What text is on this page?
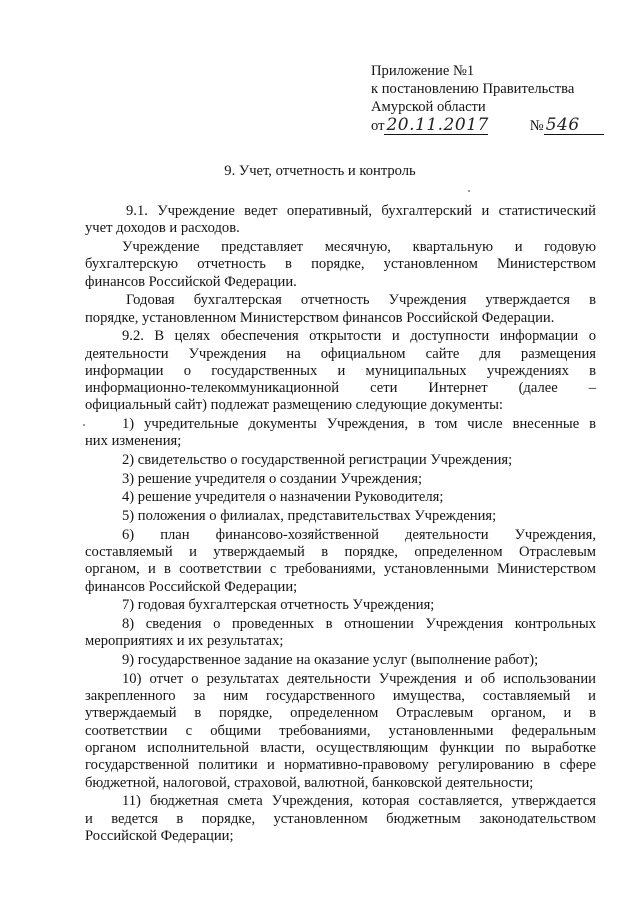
Приложение №1
к постановлению Правительства
Амурской области
от 20.11.2017	№ 546
9. Учет, отчетность и контроль
9.1. Учреждение ведет оперативный, бухгалтерский и статистический
учет доходов и расходов.
Учреждение представляет месячную, квартальную и годовую
бухгалтерскую отчетность в порядке, установленном Министерством
финансов Российской Федерации.
Годовая бухгалтерская отчетность Учреждения утверждается в
порядке, установленном Министерством финансов Российской Федерации.
9.2. В целях обеспечения открытости и доступности информации о
деятельности Учреждения на официальном сайте для размещения
информации о государственных и муниципальных учреждениях в
информационно-телекоммуникационной сети Интернет (далее –
официальный сайт) подлежат размещению следующие документы:
1) учредительные документы Учреждения, в том числе внесенные в
них изменения;
2) свидетельство о государственной регистрации Учреждения;
3) решение учредителя о создании Учреждения;
4) решение учредителя о назначении Руководителя;
5) положения о филиалах, представительствах Учреждения;
6) план финансово-хозяйственной деятельности Учреждения,
составляемый и утверждаемый в порядке, определенном Отраслевым
органом, и в соответствии с требованиями, установленными Министерством
финансов Российской Федерации;
7) годовая бухгалтерская отчетность Учреждения;
8) сведения о проведенных в отношении Учреждения контрольных
мероприятиях и их результатах;
9) государственное задание на оказание услуг (выполнение работ);
10) отчет о результатах деятельности Учреждения и об использовании
закрепленного за ним государственного имущества, составляемый и
утверждаемый в порядке, определенном Отраслевым органом, и в
соответствии с общими требованиями, установленными федеральным
органом исполнительной власти, осуществляющим функции по выработке
государственной политики и нормативно-правовому регулированию в сфере
бюджетной, налоговой, страховой, валютной, банковской деятельности;
11) бюджетная смета Учреждения, которая составляется, утверждается
и ведется в порядке, установленном бюджетным законодательством
Российской Федерации;
